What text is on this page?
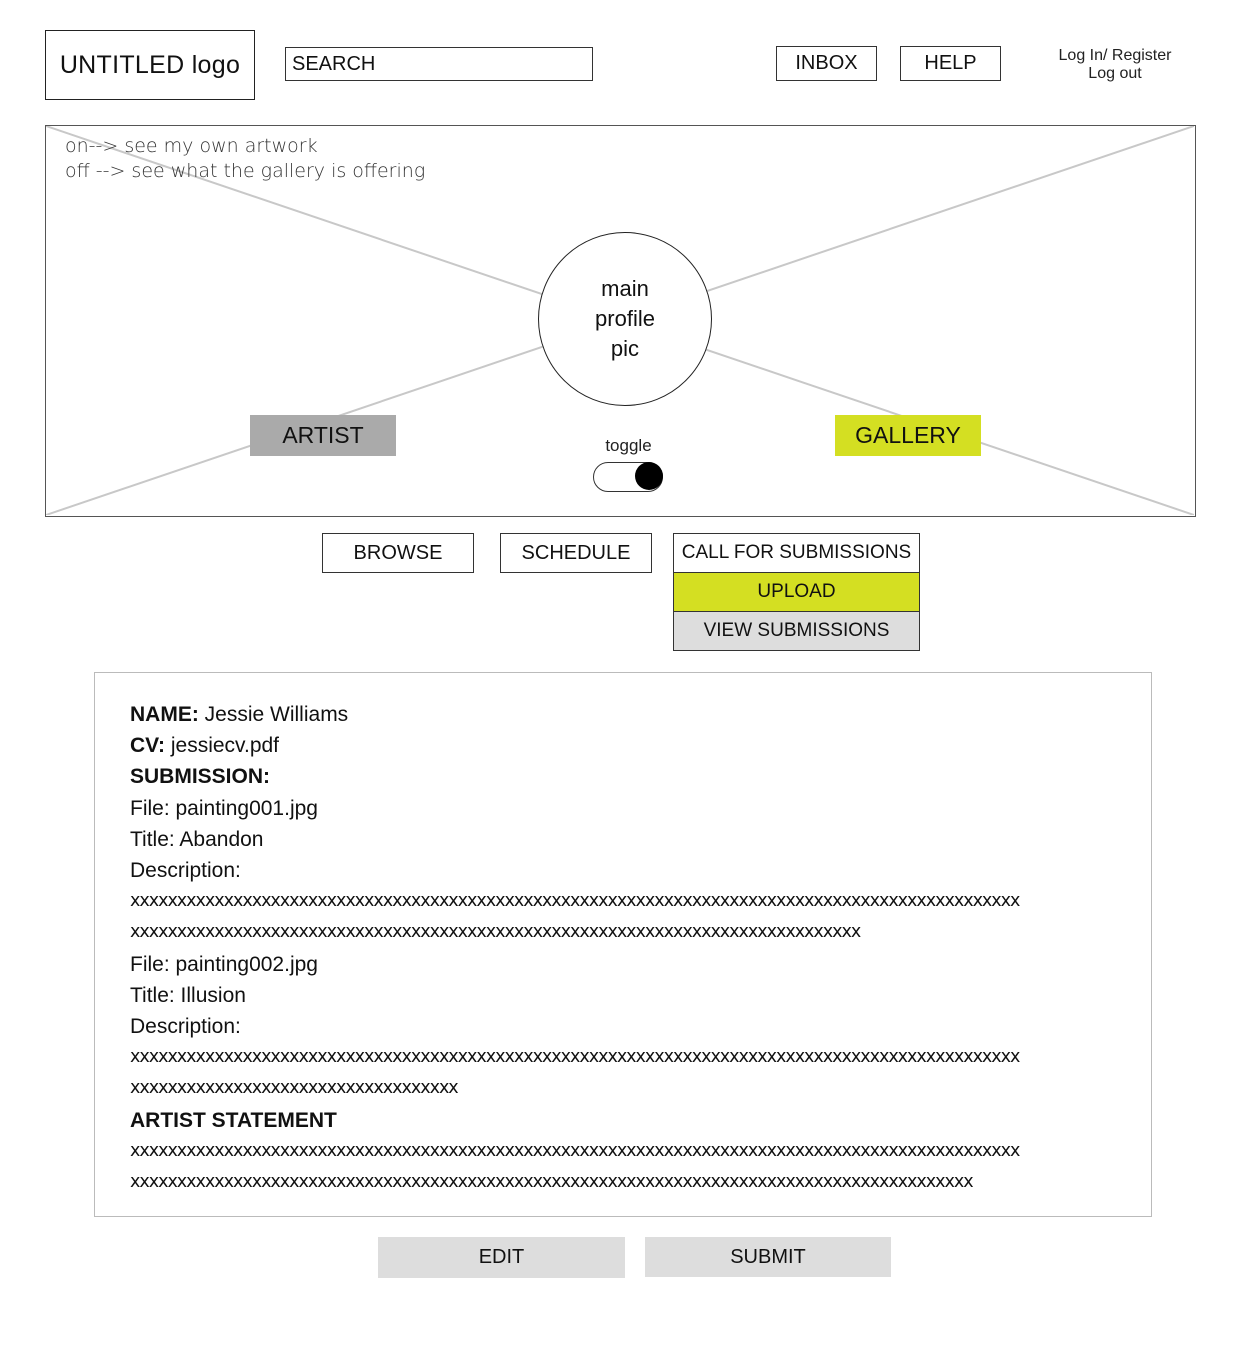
UNTITLED logo
SEARCH	INBOX	HELP	Log In/ Register
Log out
on--> see my own artwork
off --> see what the gallery is offering
main
profile
pic
ARTIST	GALLERY
toggle
BROWSE	SCHEDULE	CALL FOR SUBMISSIONS
UPLOAD
VIEW SUBMISSIONS
NAME: Jessie Williams
CV: jessiecv.pdf
SUBMISSION:
File: painting001.jpg
Title: Abandon
Description:
xxxxxxxxxxxxxxxxxxxxxxxxxxxxxxxxxxxxxxxxxxxxxxxxxxxxxxxxxxxxxxxxxxxxxxxxxxxxxxxxxxxxxxxxxxxxxxx
xxxxxxxxxxxxxxxxxxxxxxxxxxxxxxxxxxxxxxxxxxxxxxxxxxxxxxxxxxxxxxxxxxxxxxxxxxxxxx
File: painting002.jpg
Title: Illusion
Description:
xxxxxxxxxxxxxxxxxxxxxxxxxxxxxxxxxxxxxxxxxxxxxxxxxxxxxxxxxxxxxxxxxxxxxxxxxxxxxxxxxxxxxxxxxxxxxxx
xxxxxxxxxxxxxxxxxxxxxxxxxxxxxxxxxxx
ARTIST STATEMENT
xxxxxxxxxxxxxxxxxxxxxxxxxxxxxxxxxxxxxxxxxxxxxxxxxxxxxxxxxxxxxxxxxxxxxxxxxxxxxxxxxxxxxxxxxxxxxxx
xxxxxxxxxxxxxxxxxxxxxxxxxxxxxxxxxxxxxxxxxxxxxxxxxxxxxxxxxxxxxxxxxxxxxxxxxxxxxxxxxxxxxxxxxx
EDIT	SUBMIT
